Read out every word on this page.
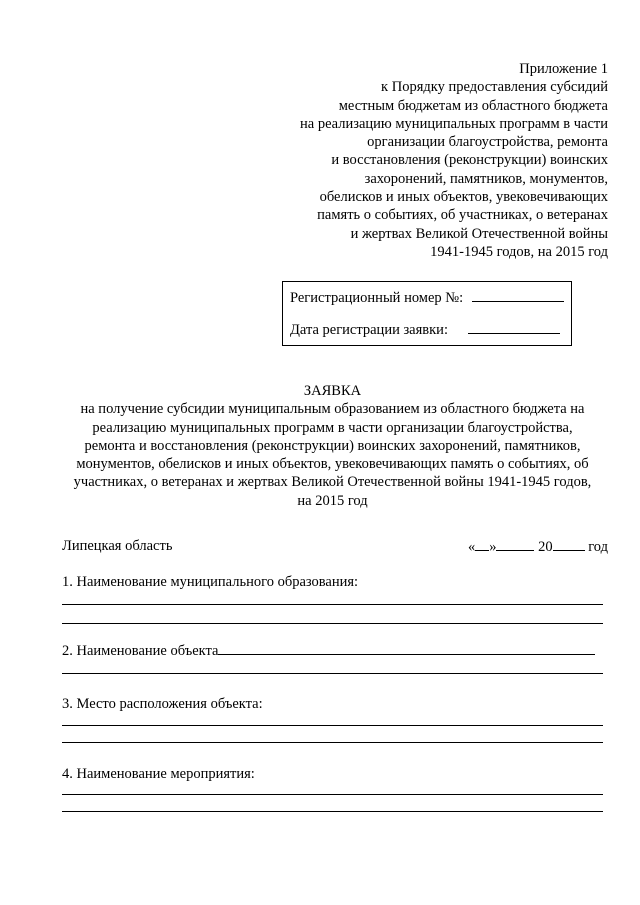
Приложение 1
к Порядку предоставления субсидий
местным бюджетам из областного бюджета
на реализацию муниципальных программ в части
организации благоустройства, ремонта
и восстановления (реконструкции) воинских
захоронений, памятников, монументов,
обелисков и иных объектов, увековечивающих
память о событиях, об участниках, о ветеранах
и жертвах Великой Отечественной войны
1941-1945 годов, на 2015 год
Регистрационный номер №:
Дата регистрации заявки:
ЗАЯВКА
на получение субсидии муниципальным образованием из областного бюджета на
реализацию муниципальных программ в части организации благоустройства,
ремонта и восстановления (реконструкции) воинских захоронений, памятников,
монументов, обелисков и иных объектов, увековечивающих память о событиях, об
участниках, о ветеранах и жертвах Великой Отечественной войны 1941-1945 годов,
на 2015 год
Липецкая область	« »	20 год
1. Наименование муниципального образования:
2. Наименование объекта
3. Место расположения объекта:
4. Наименование мероприятия:
